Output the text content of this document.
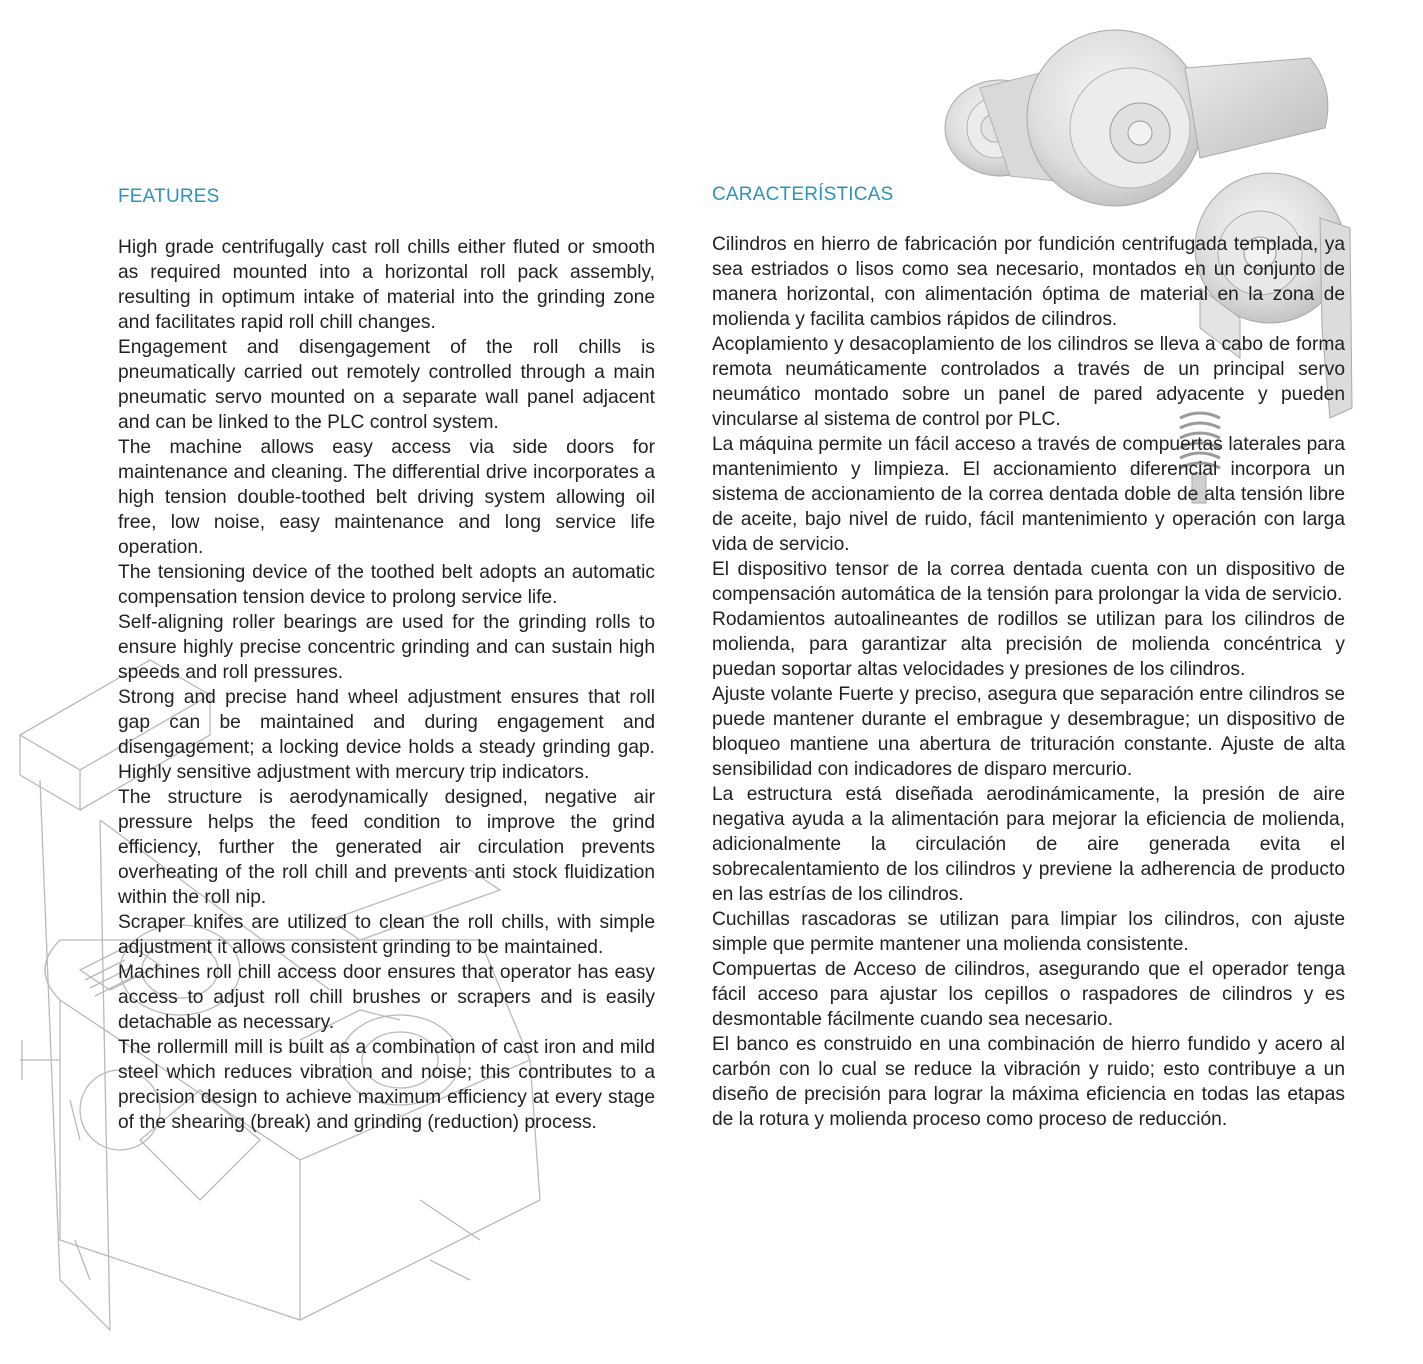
FEATURES

High grade centrifugally cast roll chills either fluted or smooth as required mounted into a horizontal roll pack assembly, resulting in optimum intake of material into the grinding zone and facilitates rapid roll chill changes.

Engagement and disengagement of the roll chills is pneumatically carried out remotely controlled through a main pneumatic servo mounted on a separate wall panel adjacent and can be linked to the PLC control system.

The machine allows easy access via side doors for maintenance and cleaning. The differential drive incorporates a high tension double-toothed belt driving system allowing oil free, low noise, easy maintenance and long service life operation.

The tensioning device of the toothed belt adopts an automatic compensation tension device to prolong service life.

Self-aligning roller bearings are used for the grinding rolls to ensure highly precise concentric grinding and can sustain high speeds and roll pressures.

Strong and precise hand wheel adjustment ensures that roll gap can be maintained and during engagement and disengagement; a locking device holds a steady grinding gap. Highly sensitive adjustment with mercury trip indicators.

The structure is aerodynamically designed, negative air pressure helps the feed condition to improve the grind efficiency, further the generated air circulation prevents overheating of the roll chill and prevents anti stock fluidization within the roll nip.

Scraper knifes are utilized to clean the roll chills, with simple adjustment it allows consistent grinding to be maintained.

Machines roll chill access door ensures that operator has easy access to adjust roll chill brushes or scrapers and is easily detachable as necessary.

The rollermill mill is built as a combination of cast iron and mild steel which reduces vibration and noise; this contributes to a precision design to achieve maximum efficiency at every stage of the shearing (break) and grinding (reduction) process.

CARACTERÍSTICAS

Cilindros en hierro de fabricación por fundición centrifugada templada, ya sea estriados o lisos como sea necesario, montados en un conjunto de manera horizontal, con alimentación óptima de material en la zona de molienda y facilita cambios rápidos de cilindros.

Acoplamiento y desacoplamiento de los cilindros se lleva a cabo de forma remota neumáticamente controlados a través de un principal servo neumático montado sobre un panel de pared adyacente y pueden vincularse al sistema de control por PLC.

La máquina permite un fácil acceso a través de compuertas laterales para mantenimiento y limpieza. El accionamiento diferencial incorpora un sistema de accionamiento de la correa dentada doble de alta tensión libre de aceite, bajo nivel de ruido, fácil mantenimiento y operación con larga vida de servicio.

El dispositivo tensor de la correa dentada cuenta con un dispositivo de compensación automática de la tensión para prolongar la vida de servicio.

Rodamientos autoalineantes de rodillos se utilizan para los cilindros de molienda, para garantizar alta precisión de molienda concéntrica y puedan soportar altas velocidades y presiones de los cilindros.

Ajuste volante Fuerte y preciso, asegura que separación entre cilindros se puede mantener durante el embrague y desembrague; un dispositivo de bloqueo mantiene una abertura de trituración constante. Ajuste de alta sensibilidad con indicadores de disparo mercurio.

La estructura está diseñada aerodinámicamente, la presión de aire negativa ayuda a la alimentación para mejorar la eficiencia de molienda, adicionalmente la circulación de aire generada evita el sobrecalentamiento de los cilindros y previene la adherencia de producto en las estrías de los cilindros.

Cuchillas rascadoras se utilizan para limpiar los cilindros, con ajuste simple que permite mantener una molienda consistente.

Compuertas de Acceso de cilindros, asegurando que el operador tenga fácil acceso para ajustar los cepillos o raspadores de cilindros y es desmontable fácilmente cuando sea necesario.

El banco es construido en una combinación de hierro fundido y acero al carbón con lo cual se reduce la vibración y ruido; esto contribuye a un diseño de precisión para lograr la máxima eficiencia en todas las etapas de la rotura y molienda proceso como proceso de reducción.
